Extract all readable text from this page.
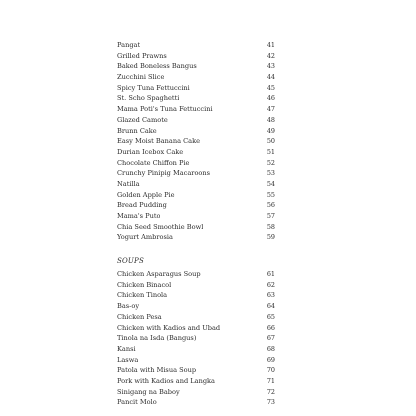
Pangat	41
Grilled Prawns	42
Baked Boneless Bangus	43
Zucchini Slice	44
Spicy Tuna Fettuccini	45
St. Scho Spaghetti	46
Mama Poti's Tuna Fettuccini	47
Glazed Camote	48
Brunn Cake	49
Easy Moist Banana Cake	50
Durian Icebox Cake	51
Chocolate Chiffon Pie	52
Crunchy Pinipig Macaroons	53
Natilla	54
Golden Apple Pie	55
Bread Pudding	56
Mama's Puto	57
Chia Seed Smoothie Bowl	58
Yogurt Ambrosia	59
SOUPS
Chicken Asparagus Soup	61
Chicken Binacol	62
Chicken Tinola	63
Bas-oy	64
Chicken Pesa	65
Chicken with Kadios and Ubad	66
Tinola na Isda (Bangus)	67
Kansi	68
Laswa	69
Patola with Misua Soup	70
Pork with Kadios and Langka	71
Sinigang na Baboy	72
Pancit Molo	73
